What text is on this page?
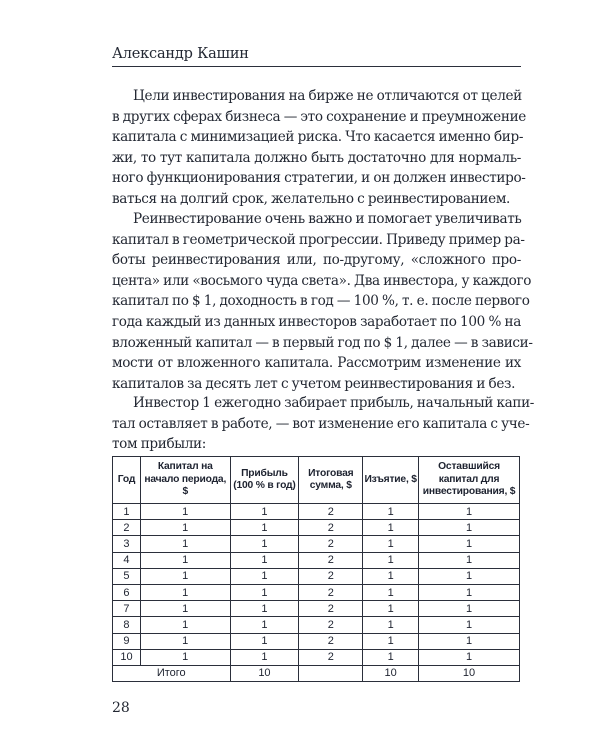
Александр Кашин
Цели инвестирования на бирже не отличаются от целей
в других сферах бизнеса — это сохранение и преумножение
капитала с минимизацией риска. Что касается именно бир-
жи, то тут капитала должно быть достаточно для нормаль-
ного функционирования стратегии, и он должен инвестиро-
ваться на долгий срок, желательно с реинвестированием.
Реинвестирование очень важно и помогает увеличивать
капитал в геометрической прогрессии. Приведу пример ра-
боты реинвестирования или, по-другому, «сложного про-
цента» или «восьмого чуда света». Два инвестора, у каждого
капитал по $ 1, доходность в год — 100 %, т. е. после первого
года каждый из данных инвесторов заработает по 100 % на
вложенный капитал — в первый год по $ 1, далее — в зависи-
мости от вложенного капитала. Рассмотрим изменение их
капиталов за десять лет с учетом реинвестирования и без.
Инвестор 1 ежегодно забирает прибыль, начальный капи-
тал оставляет в работе, — вот изменение его капитала с уче-
том прибыли:
Год	Капитал на начало периода, $	Прибыль (100 % в год)	Итоговая сумма, $	Изъятие, $	Оставшийся капитал для инвестирования, $
1	1	1	2	1	1
2	1	1	2	1	1
3	1	1	2	1	1
4	1	1	2	1	1
5	1	1	2	1	1
6	1	1	2	1	1
7	1	1	2	1	1
8	1	1	2	1	1
9	1	1	2	1	1
10	1	1	2	1	1
Итого		10		10	10
28
